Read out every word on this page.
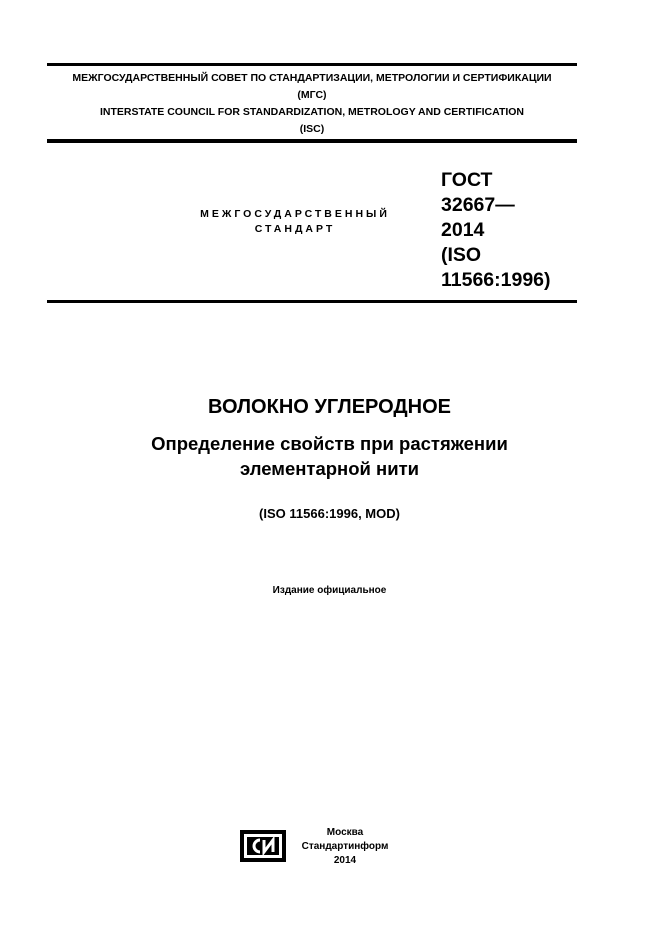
МЕЖГОСУДАРСТВЕННЫЙ СОВЕТ ПО СТАНДАРТИЗАЦИИ, МЕТРОЛОГИИ И СЕРТИФИКАЦИИ
(МГС)
INTERSTATE COUNCIL FOR STANDARDIZATION, METROLOGY AND CERTIFICATION
(ISC)
МЕЖГОСУДАРСТВЕННЫЙ
СТАНДАРТ
ГОСТ
32667—
2014
(ISO
11566:1996)
ВОЛОКНО УГЛЕРОДНОЕ
Определение свойств при растяжении
элементарной нити
(ISO 11566:1996, MOD)
Издание официальное
Москва
Стандартинформ
2014
